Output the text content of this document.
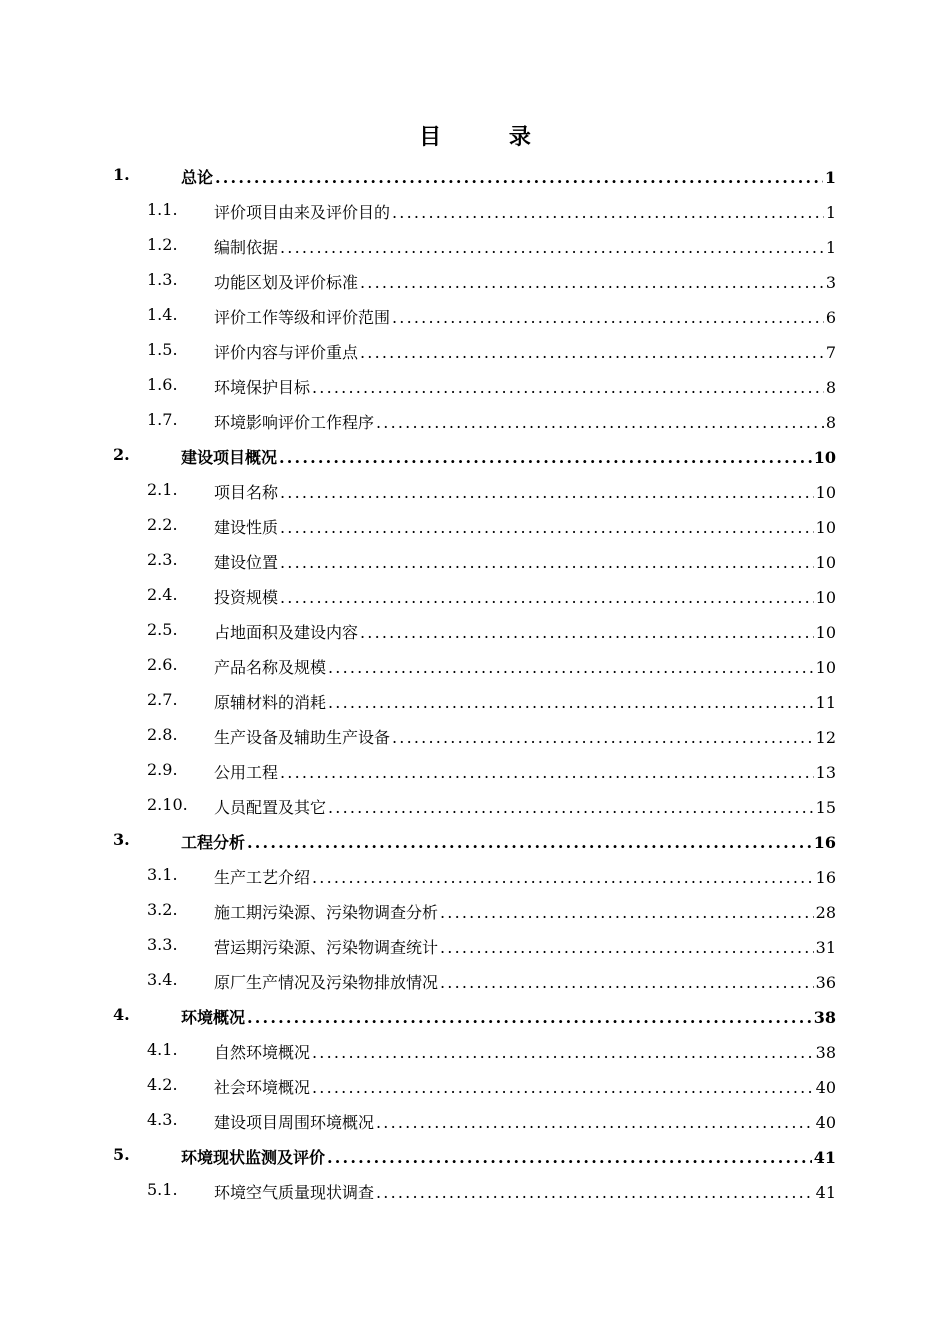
目 录
1.	总论 .....	1
1.1. 评价项目由来及评价目的 .....	1
1.2. 编制依据 .....	1
1.3. 功能区划及评价标准 .....	3
1.4. 评价工作等级和评价范围 .....	6
1.5. 评价内容与评价重点 .....	7
1.6. 环境保护目标 .....	8
1.7. 环境影响评价工作程序 .....	8
2.	建设项目概况 .....	10
2.1. 项目名称 .....	10
2.2. 建设性质 .....	10
2.3. 建设位置 .....	10
2.4. 投资规模 .....	10
2.5. 占地面积及建设内容 .....	10
2.6. 产品名称及规模 .....	10
2.7. 原辅材料的消耗 .....	11
2.8. 生产设备及辅助生产设备 .....	12
2.9. 公用工程 .....	13
2.10. 人员配置及其它 .....	15
3.	工程分析 .....	16
3.1. 生产工艺介绍 .....	16
3.2. 施工期污染源、污染物调查分析 .....	28
3.3. 营运期污染源、污染物调查统计 .....	31
3.4. 原厂生产情况及污染物排放情况 .....	36
4.	环境概况 .....	38
4.1. 自然环境概况 .....	38
4.2. 社会环境概况 .....	40
4.3. 建设项目周围环境概况 .....	40
5.	环境现状监测及评价 .....	41
5.1. 环境空气质量现状调查 .....	41
